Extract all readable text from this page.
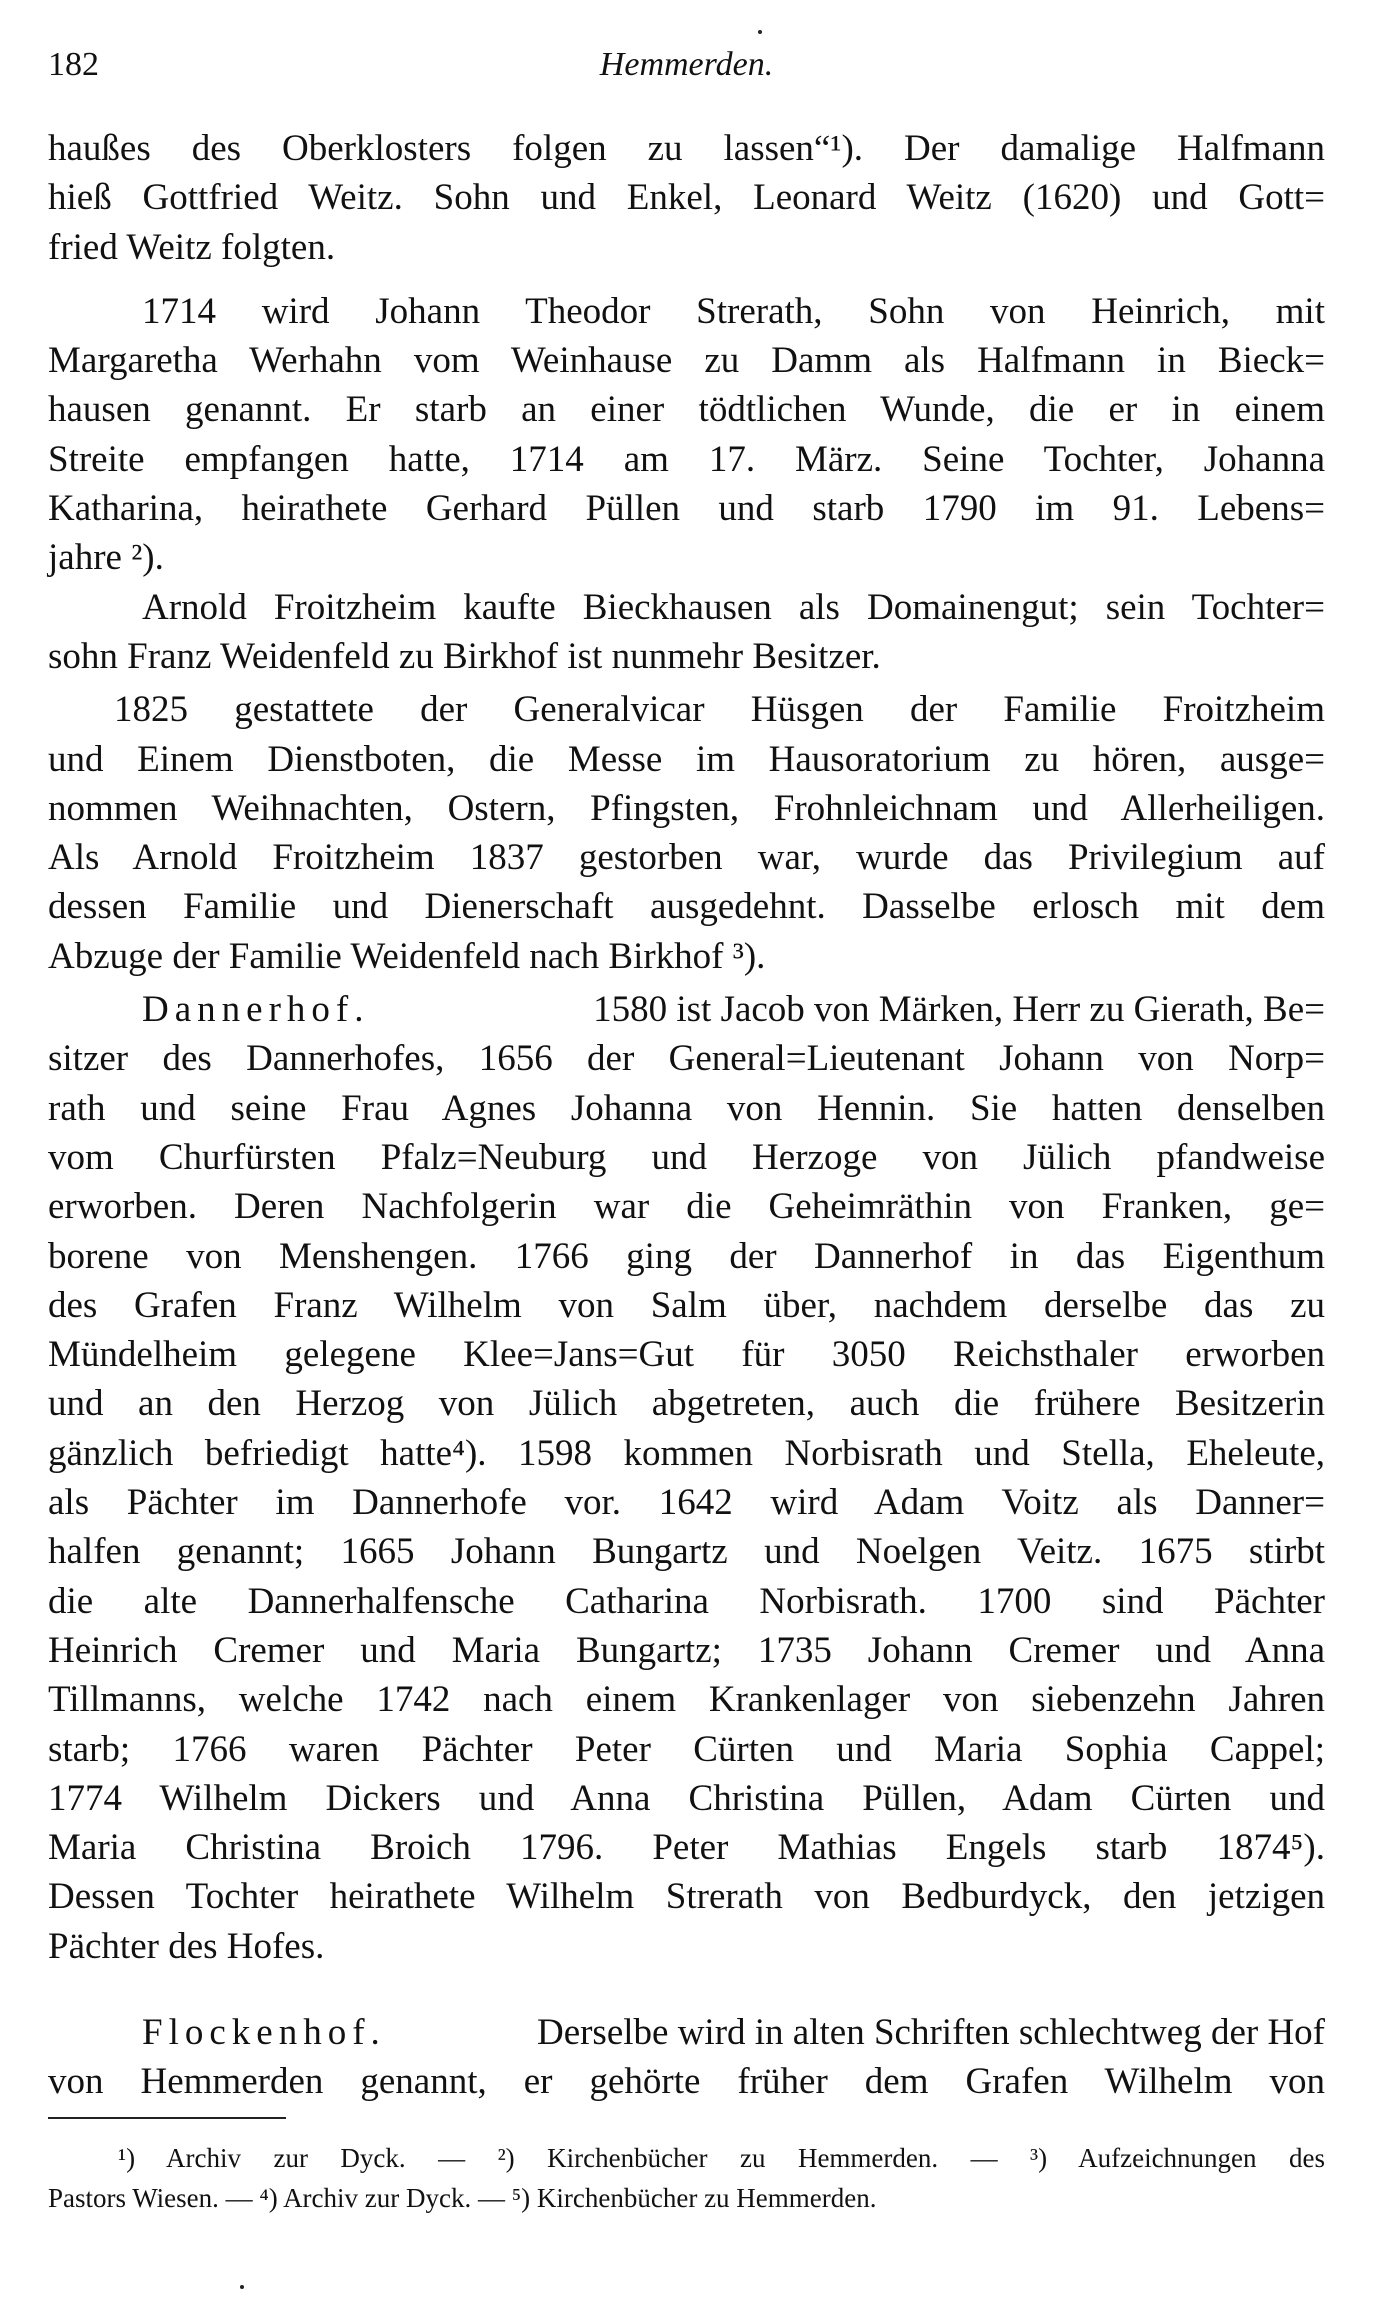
182	Hemmerden.
haußes des Oberklosters folgen zu lassen“¹). Der damalige Halfmann
hieß Gottfried Weitz. Sohn und Enkel, Leonard Weitz (1620) und Gott=
fried Weitz folgten.
1714 wird Johann Theodor Strerath, Sohn von Heinrich, mit
Margaretha Werhahn vom Weinhause zu Damm als Halfmann in Bieck=
hausen genannt. Er starb an einer tödtlichen Wunde, die er in einem
Streite empfangen hatte, 1714 am 17. März. Seine Tochter, Johanna
Katharina, heirathete Gerhard Püllen und starb 1790 im 91. Lebens=
jahre ²).
Arnold Froitzheim kaufte Bieckhausen als Domainengut; sein Tochter=
sohn Franz Weidenfeld zu Birkhof ist nunmehr Besitzer.
1825 gestattete der Generalvicar Hüsgen der Familie Froitzheim
und Einem Dienstboten, die Messe im Hausoratorium zu hören, ausge=
nommen Weihnachten, Ostern, Pfingsten, Frohnleichnam und Allerheiligen.
Als Arnold Froitzheim 1837 gestorben war, wurde das Privilegium auf
dessen Familie und Dienerschaft ausgedehnt. Dasselbe erlosch mit dem
Abzuge der Familie Weidenfeld nach Birkhof ³).
Dannerhof.	1580 ist Jacob von Märken, Herr zu Gierath, Be=
sitzer des Dannerhofes, 1656 der General=Lieutenant Johann von Norp=
rath und seine Frau Agnes Johanna von Hennin. Sie hatten denselben
vom Churfürsten Pfalz=Neuburg und Herzoge von Jülich pfandweise
erworben. Deren Nachfolgerin war die Geheimräthin von Franken, ge=
borene von Menshengen. 1766 ging der Dannerhof in das Eigenthum
des Grafen Franz Wilhelm von Salm über, nachdem derselbe das zu
Mündelheim gelegene Klee=Jans=Gut für 3050 Reichsthaler erworben
und an den Herzog von Jülich abgetreten, auch die frühere Besitzerin
gänzlich befriedigt hatte⁴). 1598 kommen Norbisrath und Stella, Eheleute,
als Pächter im Dannerhofe vor. 1642 wird Adam Voitz als Danner=
halfen genannt; 1665 Johann Bungartz und Noelgen Veitz. 1675 stirbt
die alte Dannerhalfensche Catharina Norbisrath. 1700 sind Pächter
Heinrich Cremer und Maria Bungartz; 1735 Johann Cremer und Anna
Tillmanns, welche 1742 nach einem Krankenlager von siebenzehn Jahren
starb; 1766 waren Pächter Peter Cürten und Maria Sophia Cappel;
1774 Wilhelm Dickers und Anna Christina Püllen, Adam Cürten und
Maria Christina Broich 1796. Peter Mathias Engels starb 1874⁵).
Dessen Tochter heirathete Wilhelm Strerath von Bedburdyck, den jetzigen
Pächter des Hofes.
Flockenhof.	Derselbe wird in alten Schriften schlechtweg der Hof
von Hemmerden genannt, er gehörte früher dem Grafen Wilhelm von
¹) Archiv zur Dyck. — ²) Kirchenbücher zu Hemmerden. — ³) Aufzeichnungen des
Pastors Wiesen. — ⁴) Archiv zur Dyck. — ⁵) Kirchenbücher zu Hemmerden.
